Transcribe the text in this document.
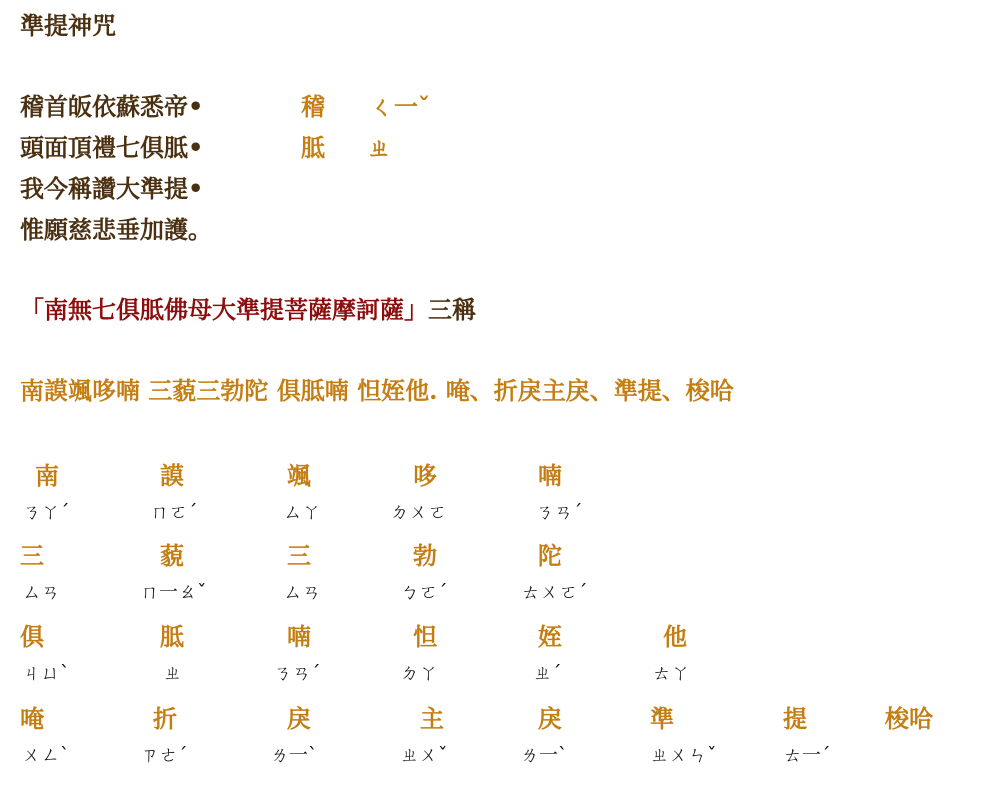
準提神咒
稽首皈依蘇悉帝•
頭面頂禮七俱胝•
我今稱讚大準提•
惟願慈悲垂加護。
稽 ㄑ一ˇ
胝 ㄓ
「南無七俱胝佛母大準提菩薩摩訶薩」三稱
南謨颯哆喃 三藐三勃陀 俱胝喃 怛姪他. 唵、折戾主戾、準提、梭哈
南	謨	颯	哆	喃
ㄋㄚˊ	ㄇㄛˊ	ㄙㄚ	ㄉㄨㄛ	ㄋㄢˊ
三	藐	三	勃	陀
ㄙㄢ	ㄇ一ㄠˇ	ㄙㄢ	ㄅㄛˊ	ㄊㄨㄛˊ
俱	胝	喃	怛	姪	他
ㄐㄩˋ	ㄓ	ㄋㄢˊ	ㄉㄚ	ㄓˊ	ㄊㄚ
唵	折	戾	主	戾	準	提	梭哈
ㄨㄥˋ	ㄗㄜˊ	ㄌ一ˋ	ㄓㄨˇ	ㄌ一ˋ	ㄓㄨㄣˇ	ㄊ一ˊ
